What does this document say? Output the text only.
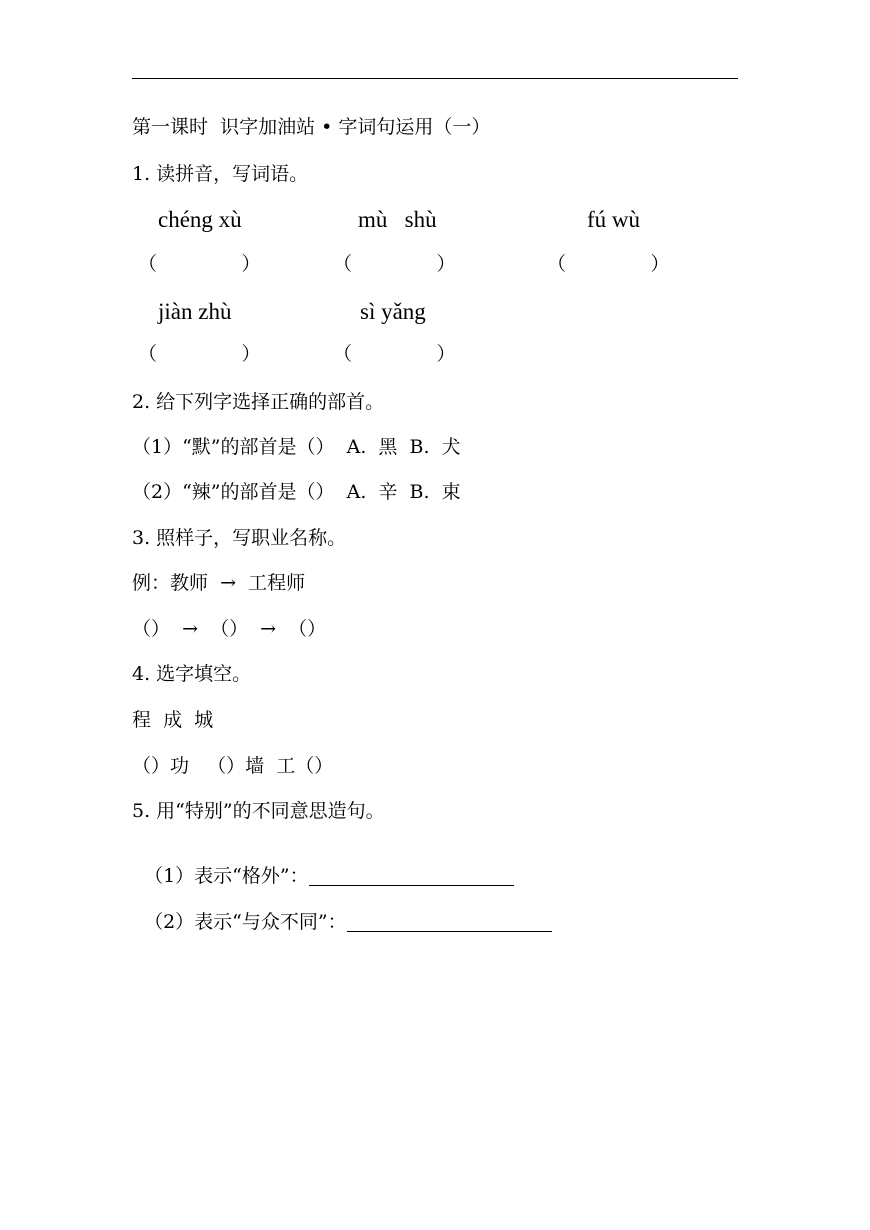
第一课时  识字加油站 • 字词句运用（一）
1. 读拼音，写词语。
chéng xù	mù   shù	fú wù
（              ）	（              ）	（              ）
jiàn zhù	sì yǎng
（              ）	（              ）
2. 给下列字选择正确的部首。
（1）“默”的部首是（）  A.  黑  B.  犬
（2）“辣”的部首是（）  A.  辛  B.  束
3. 照样子，写职业名称。
例：教师  →  工程师
（）  →  （）  →  （）
4. 选字填空。
程  成  城
（）功   （）墙  工（）
5. 用“特别”的不同意思造句。

（1）表示“格外”：

（2）表示“与众不同”：
